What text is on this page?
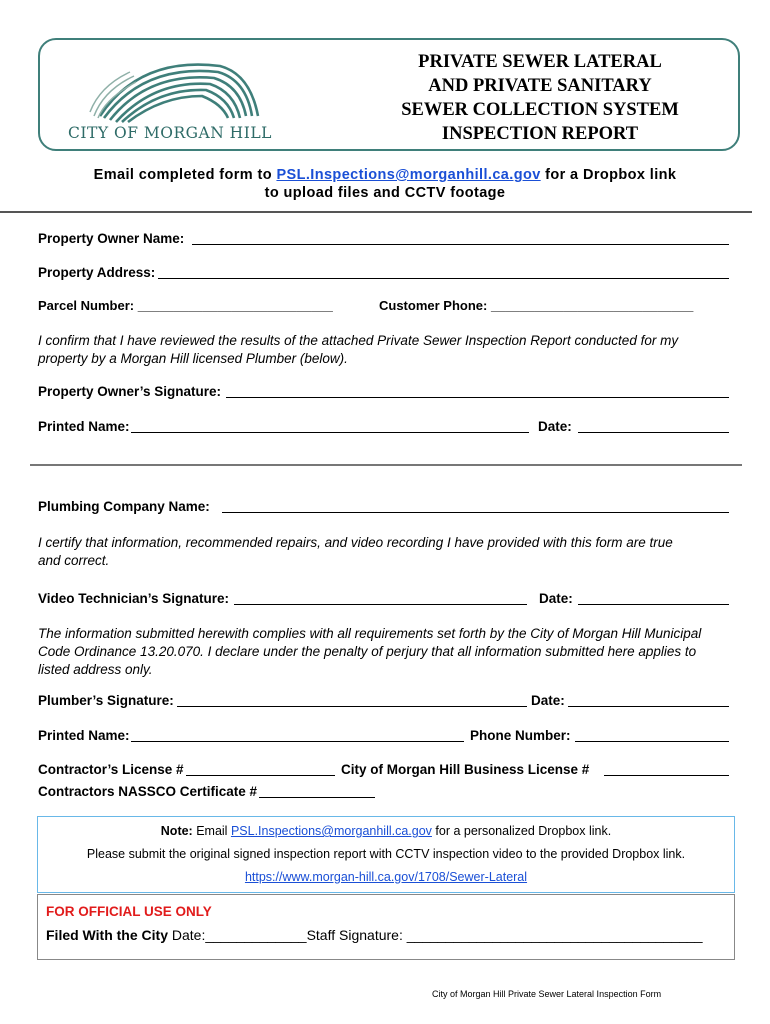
CITY OF MORGAN HILL
PRIVATE SEWER LATERAL
AND PRIVATE SANITARY
SEWER COLLECTION SYSTEM
INSPECTION REPORT
Email completed form to PSL.Inspections@morganhill.ca.gov for a Dropbox link
to upload files and CCTV footage
Property Owner Name:
Property Address:
Parcel Number: ___________________________	Customer Phone: ____________________________
I confirm that I have reviewed the results of the attached Private Sewer Inspection Report conducted for my
property by a Morgan Hill licensed Plumber (below).
Property Owner’s Signature:
Printed Name:	Date:
Plumbing Company Name:
I certify that information, recommended repairs, and video recording I have provided with this form are true
and correct.
Video Technician’s Signature:	Date:
The information submitted herewith complies with all requirements set forth by the City of Morgan Hill Municipal
Code Ordinance 13.20.070. I declare under the penalty of perjury that all information submitted here applies to
listed address only.
Plumber’s Signature:	Date:
Printed Name:	Phone Number:
Contractor’s License #	City of Morgan Hill Business License #
Contractors NASSCO Certificate #
Note: Email PSL.Inspections@morganhill.ca.gov for a personalized Dropbox link.
Please submit the original signed inspection report with CCTV inspection video to the provided Dropbox link.
https://www.morgan-hill.ca.gov/1708/Sewer-Lateral
FOR OFFICIAL USE ONLY
Filed With the City Date:_____________Staff Signature: ______________________________________
City of Morgan Hill Private Sewer Lateral Inspection Form
